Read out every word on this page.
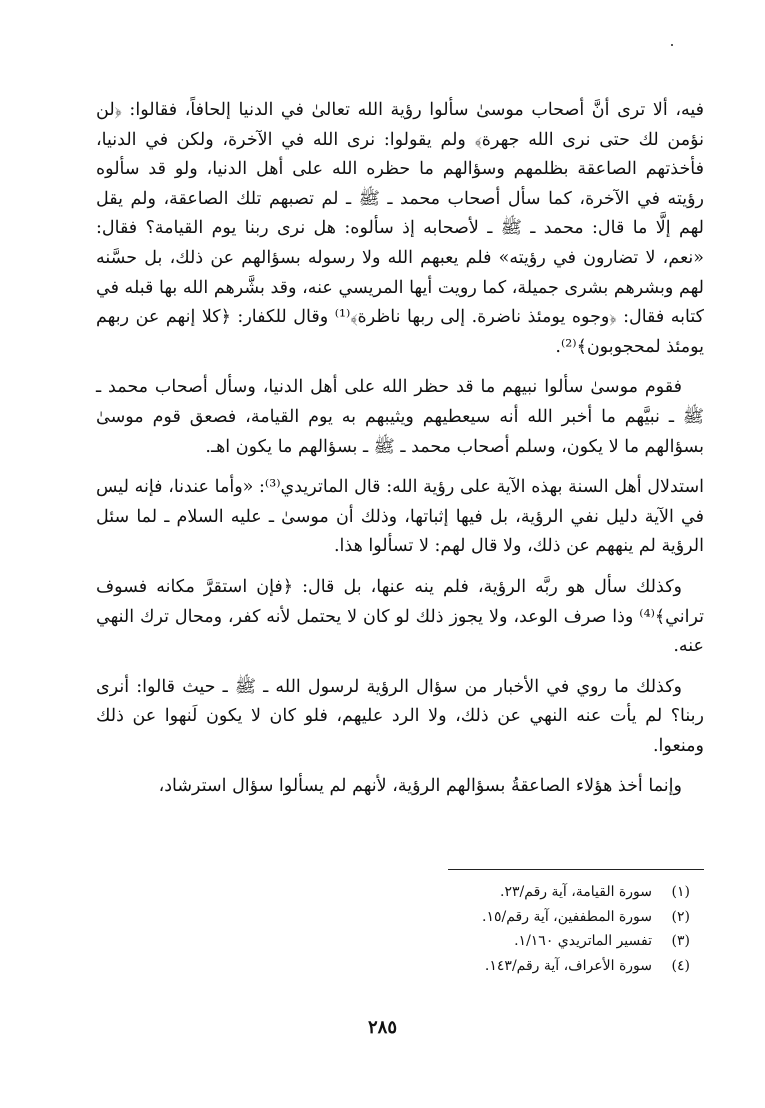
فيه، ألا ترى أنَّ أصحاب موسىٰ سألوا رؤية الله تعالىٰ في الدنيا إلحافاً، فقالوا: ﴿لن نؤمن لك حتى نرى الله جهرة﴾ ولم يقولوا: نرى الله في الآخرة، ولكن في الدنيا، فأخذتهم الصاعقة بظلمهم وسؤالهم ما حظره الله على أهل الدنيا، ولو قد سألوه رؤيته في الآخرة، كما سأل أصحاب محمد ـ ﷺ ـ لم تصبهم تلك الصاعقة، ولم يقل لهم إلَّا ما قال: محمد ـ ﷺ ـ لأصحابه إذ سألوه: هل نرى ربنا يوم القيامة؟ فقال: «نعم، لا تضارون في رؤيته» فلم يعبهم الله ولا رسوله بسؤالهم عن ذلك، بل حسَّنه لهم وبشرهم بشرى جميلة، كما رويت أيها المريسي عنه، وقد بشَّرهم الله بها قبله في كتابه فقال: ﴿وجوه يومئذ ناضرة. إلى ربها ناظرة﴾⁽¹⁾ وقال للكفار: ﴿كلا إنهم عن ربهم يومئذ لمحجوبون﴾⁽²⁾.

فقوم موسىٰ سألوا نبيهم ما قد حظر الله على أهل الدنيا، وسأل أصحاب محمد ـ ﷺ ـ نبيَّهم ما أخبر الله أنه سيعطيهم ويثيبهم به يوم القيامة، فصعق قوم موسىٰ بسؤالهم ما لا يكون، وسلم أصحاب محمد ـ ﷺ ـ بسؤالهم ما يكون اهـ.

استدلال أهل السنة بهذه الآية على رؤية الله: قال الماتريدي⁽³⁾: «وأما عندنا، فإنه ليس في الآية دليل نفي الرؤية، بل فيها إثباتها، وذلك أن موسىٰ ـ عليه السلام ـ لما سئل الرؤية لم ينههم عن ذلك، ولا قال لهم: لا تسألوا هذا.

وكذلك سأل هو ربَّه الرؤية، فلم ينه عنها، بل قال: ﴿فإن استقرَّ مكانه فسوف تراني﴾⁽⁴⁾ وذا صرف الوعد، ولا يجوز ذلك لو كان لا يحتمل لأنه كفر، ومحال ترك النهي عنه.

وكذلك ما روي في الأخبار من سؤال الرؤية لرسول الله ـ ﷺ ـ حيث قالوا: أنرى ربنا؟ لم يأت عنه النهي عن ذلك، ولا الرد عليهم، فلو كان لا يكون لَنهوا عن ذلك ومنعوا.

وإنما أخذ هؤلاء الصاعقةُ بسؤالهم الرؤية، لأنهم لم يسألوا سؤال استرشاد،

(١)
سورة القيامة، آية رقم/٢٣.
(٢)
سورة المطففين، آية رقم/١٥.
(٣)
تفسير الماتريدي ١/١٦٠.
(٤)
سورة الأعراف، آية رقم/١٤٣.
٢٨٥
